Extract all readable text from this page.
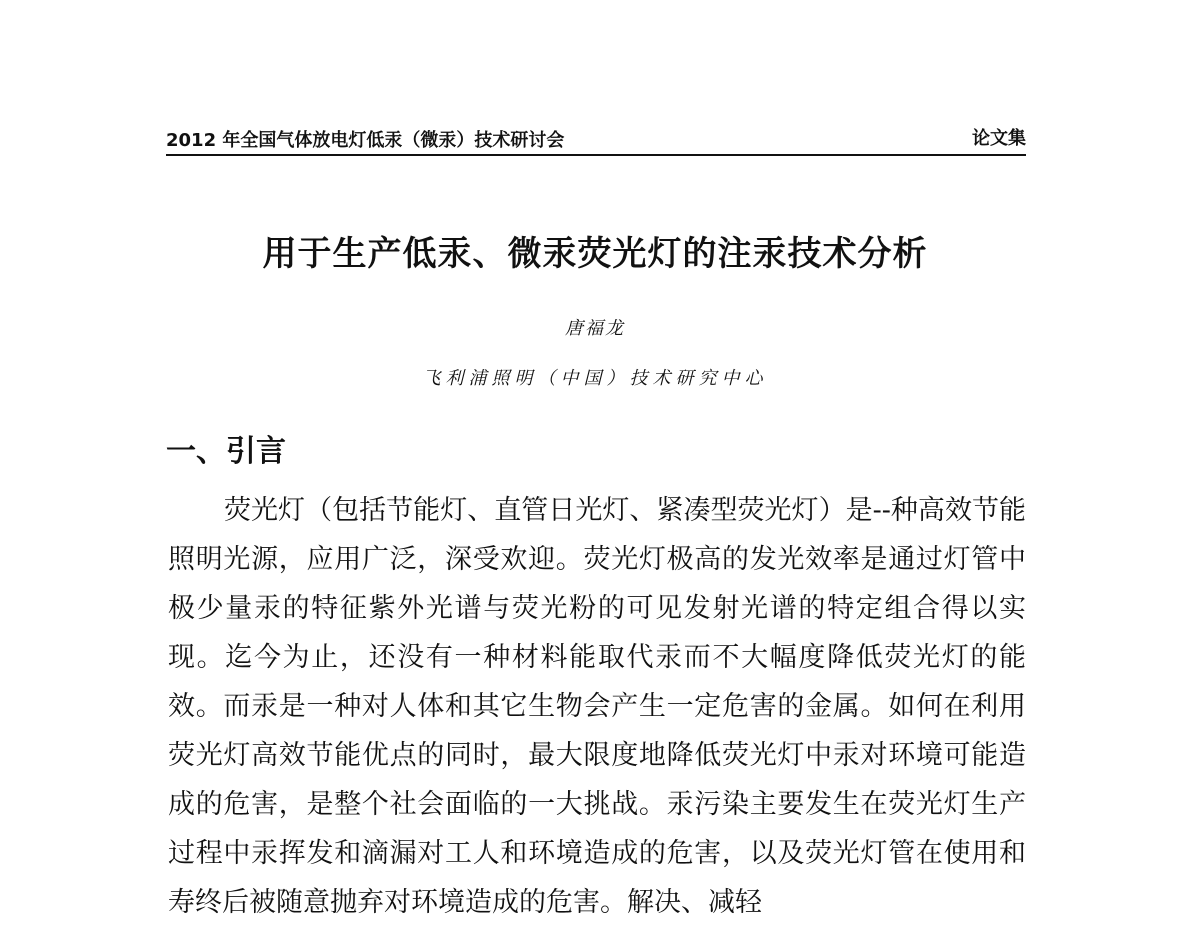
2012 年全国气体放电灯低汞（微汞）技术研讨会	论文集
用于生产低汞、微汞荧光灯的注汞技术分析
唐福龙
飞利浦照明（中国）技术研究中心
一、引言

荧光灯（包括节能灯、直管日光灯、紧凑型荧光灯）是--种高效节能照明光源，应用广泛，深受欢迎。荧光灯极高的发光效率是通过灯管中极少量汞的特征紫外光谱与荧光粉的可见发射光谱的特定组合得以实现。迄今为止，还没有一种材料能取代汞而不大幅度降低荧光灯的能效。而汞是一种对人体和其它生物会产生一定危害的金属。如何在利用荧光灯高效节能优点的同时，最大限度地降低荧光灯中汞对环境可能造成的危害，是整个社会面临的一大挑战。汞污染主要发生在荧光灯生产过程中汞挥发和滴漏对工人和环境造成的危害，以及荧光灯管在使用和寿终后被随意抛弃对环境造成的危害。解决、减轻
